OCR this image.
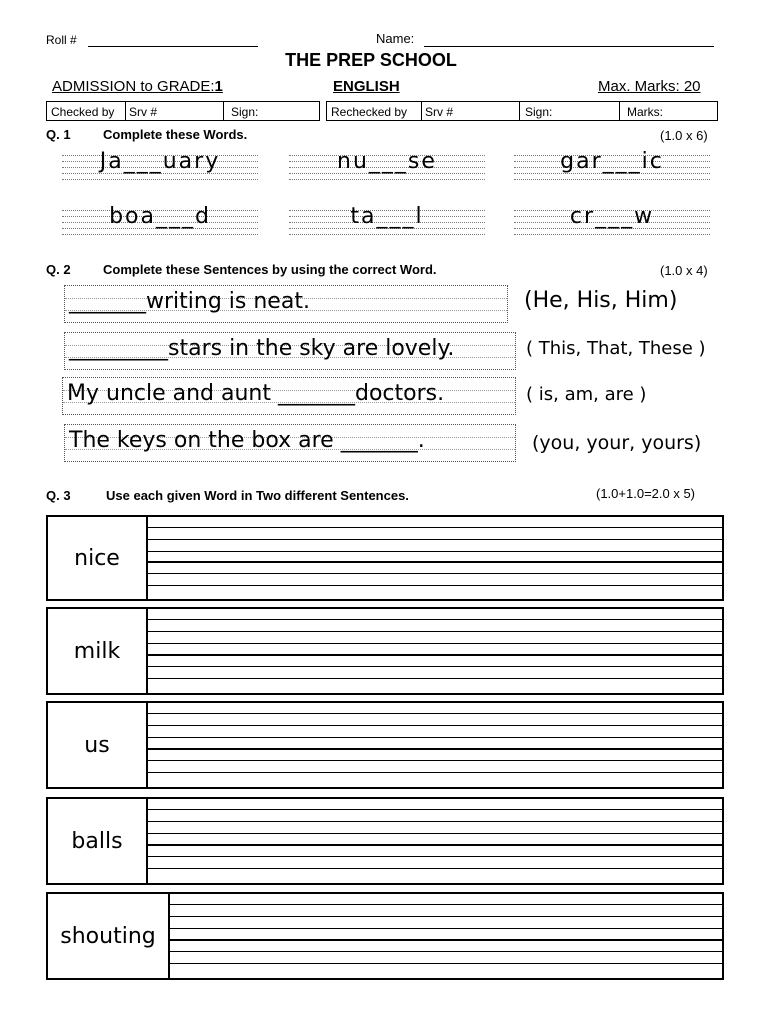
Roll #	Name:
THE PREP SCHOOL
ADMISSION to GRADE:1	ENGLISH	Max. Marks: 20
Checked by Srv #	Sign:	Rechecked by Srv #	Sign:	Marks:
Q. 1 Complete these Words.	(1.0 x 6)
Ja___uary	nu___se	gar___ic
boa___d	ta___l	cr___w
Q. 2 Complete these Sentences by using the correct Word.	(1.0 x 4)
_______writing is neat.	(He, His, Him)
_________stars in the sky are lovely.	( This, That, These )
My uncle and aunt _______doctors.	( is, am, are )
The keys on the box are _______.	(you, your, yours)
Q. 3	Use each given Word in Two different Sentences.	(1.0+1.0=2.0 x 5)
nice
milk
us
balls
shouting
